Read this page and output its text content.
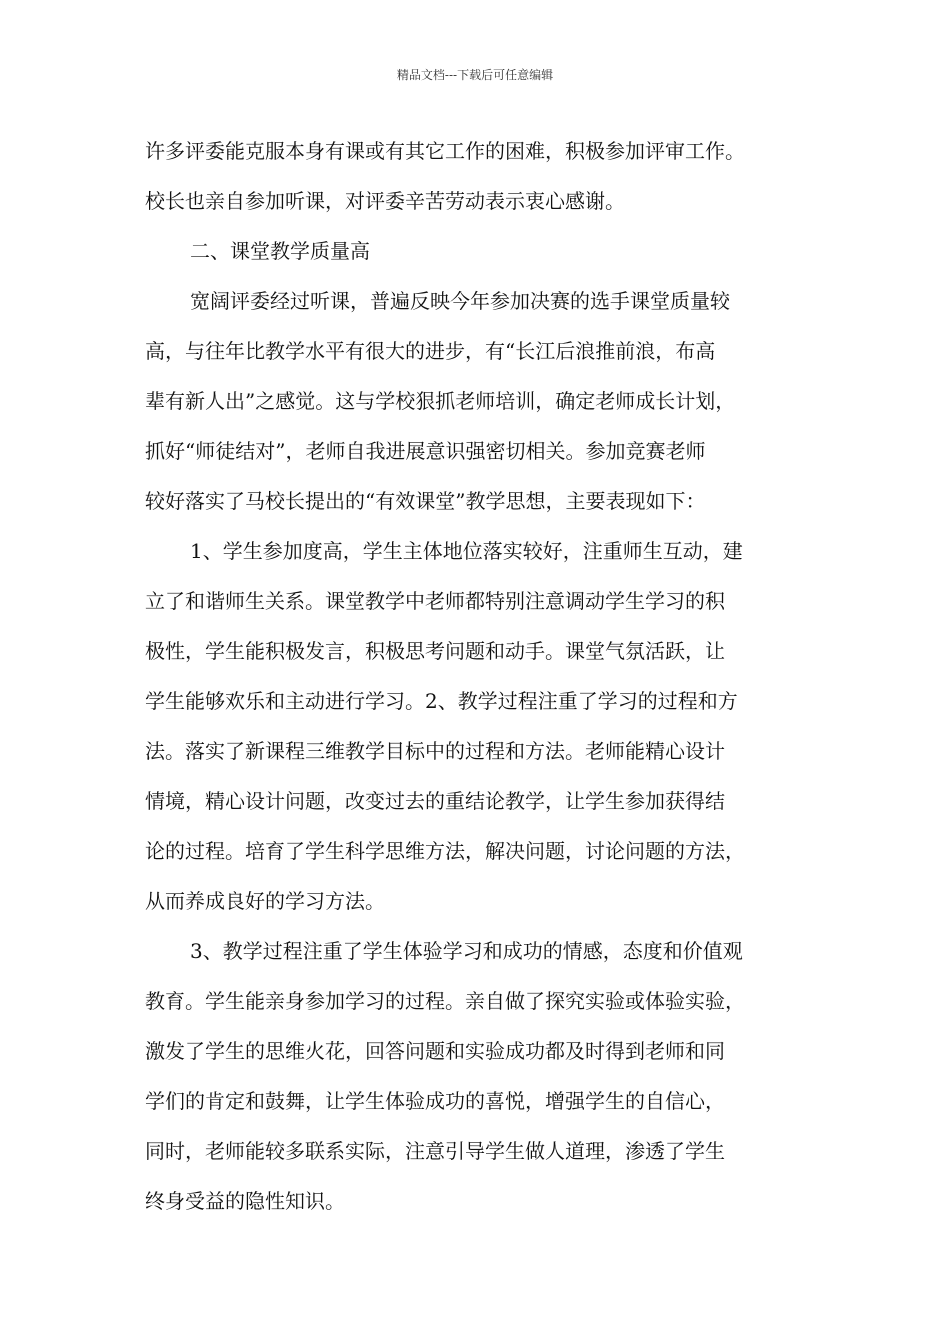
精品文档---下载后可任意编辑
许多评委能克服本身有课或有其它工作的困难，积极参加评审工作。
校长也亲自参加听课，对评委辛苦劳动表示衷心感谢。
二、课堂教学质量高
宽阔评委经过听课，普遍反映今年参加决赛的选手课堂质量较
高，与往年比教学水平有很大的进步，有“长江后浪推前浪，布高
辈有新人出”之感觉。这与学校狠抓老师培训，确定老师成长计划，
抓好“师徒结对”，老师自我进展意识强密切相关。参加竞赛老师
较好落实了马校长提出的“有效课堂”教学思想，主要表现如下：
1、学生参加度高，学生主体地位落实较好，注重师生互动，建
立了和谐师生关系。课堂教学中老师都特别注意调动学生学习的积
极性，学生能积极发言，积极思考问题和动手。课堂气氛活跃，让
学生能够欢乐和主动进行学习。2、教学过程注重了学习的过程和方
法。落实了新课程三维教学目标中的过程和方法。老师能精心设计
情境，精心设计问题，改变过去的重结论教学，让学生参加获得结
论的过程。培育了学生科学思维方法，解决问题，讨论问题的方法，
从而养成良好的学习方法。
3、教学过程注重了学生体验学习和成功的情感，态度和价值观
教育。学生能亲身参加学习的过程。亲自做了探究实验或体验实验，
激发了学生的思维火花，回答问题和实验成功都及时得到老师和同
学们的肯定和鼓舞，让学生体验成功的喜悦，增强学生的自信心，
同时，老师能较多联系实际，注意引导学生做人道理，渗透了学生
终身受益的隐性知识。
